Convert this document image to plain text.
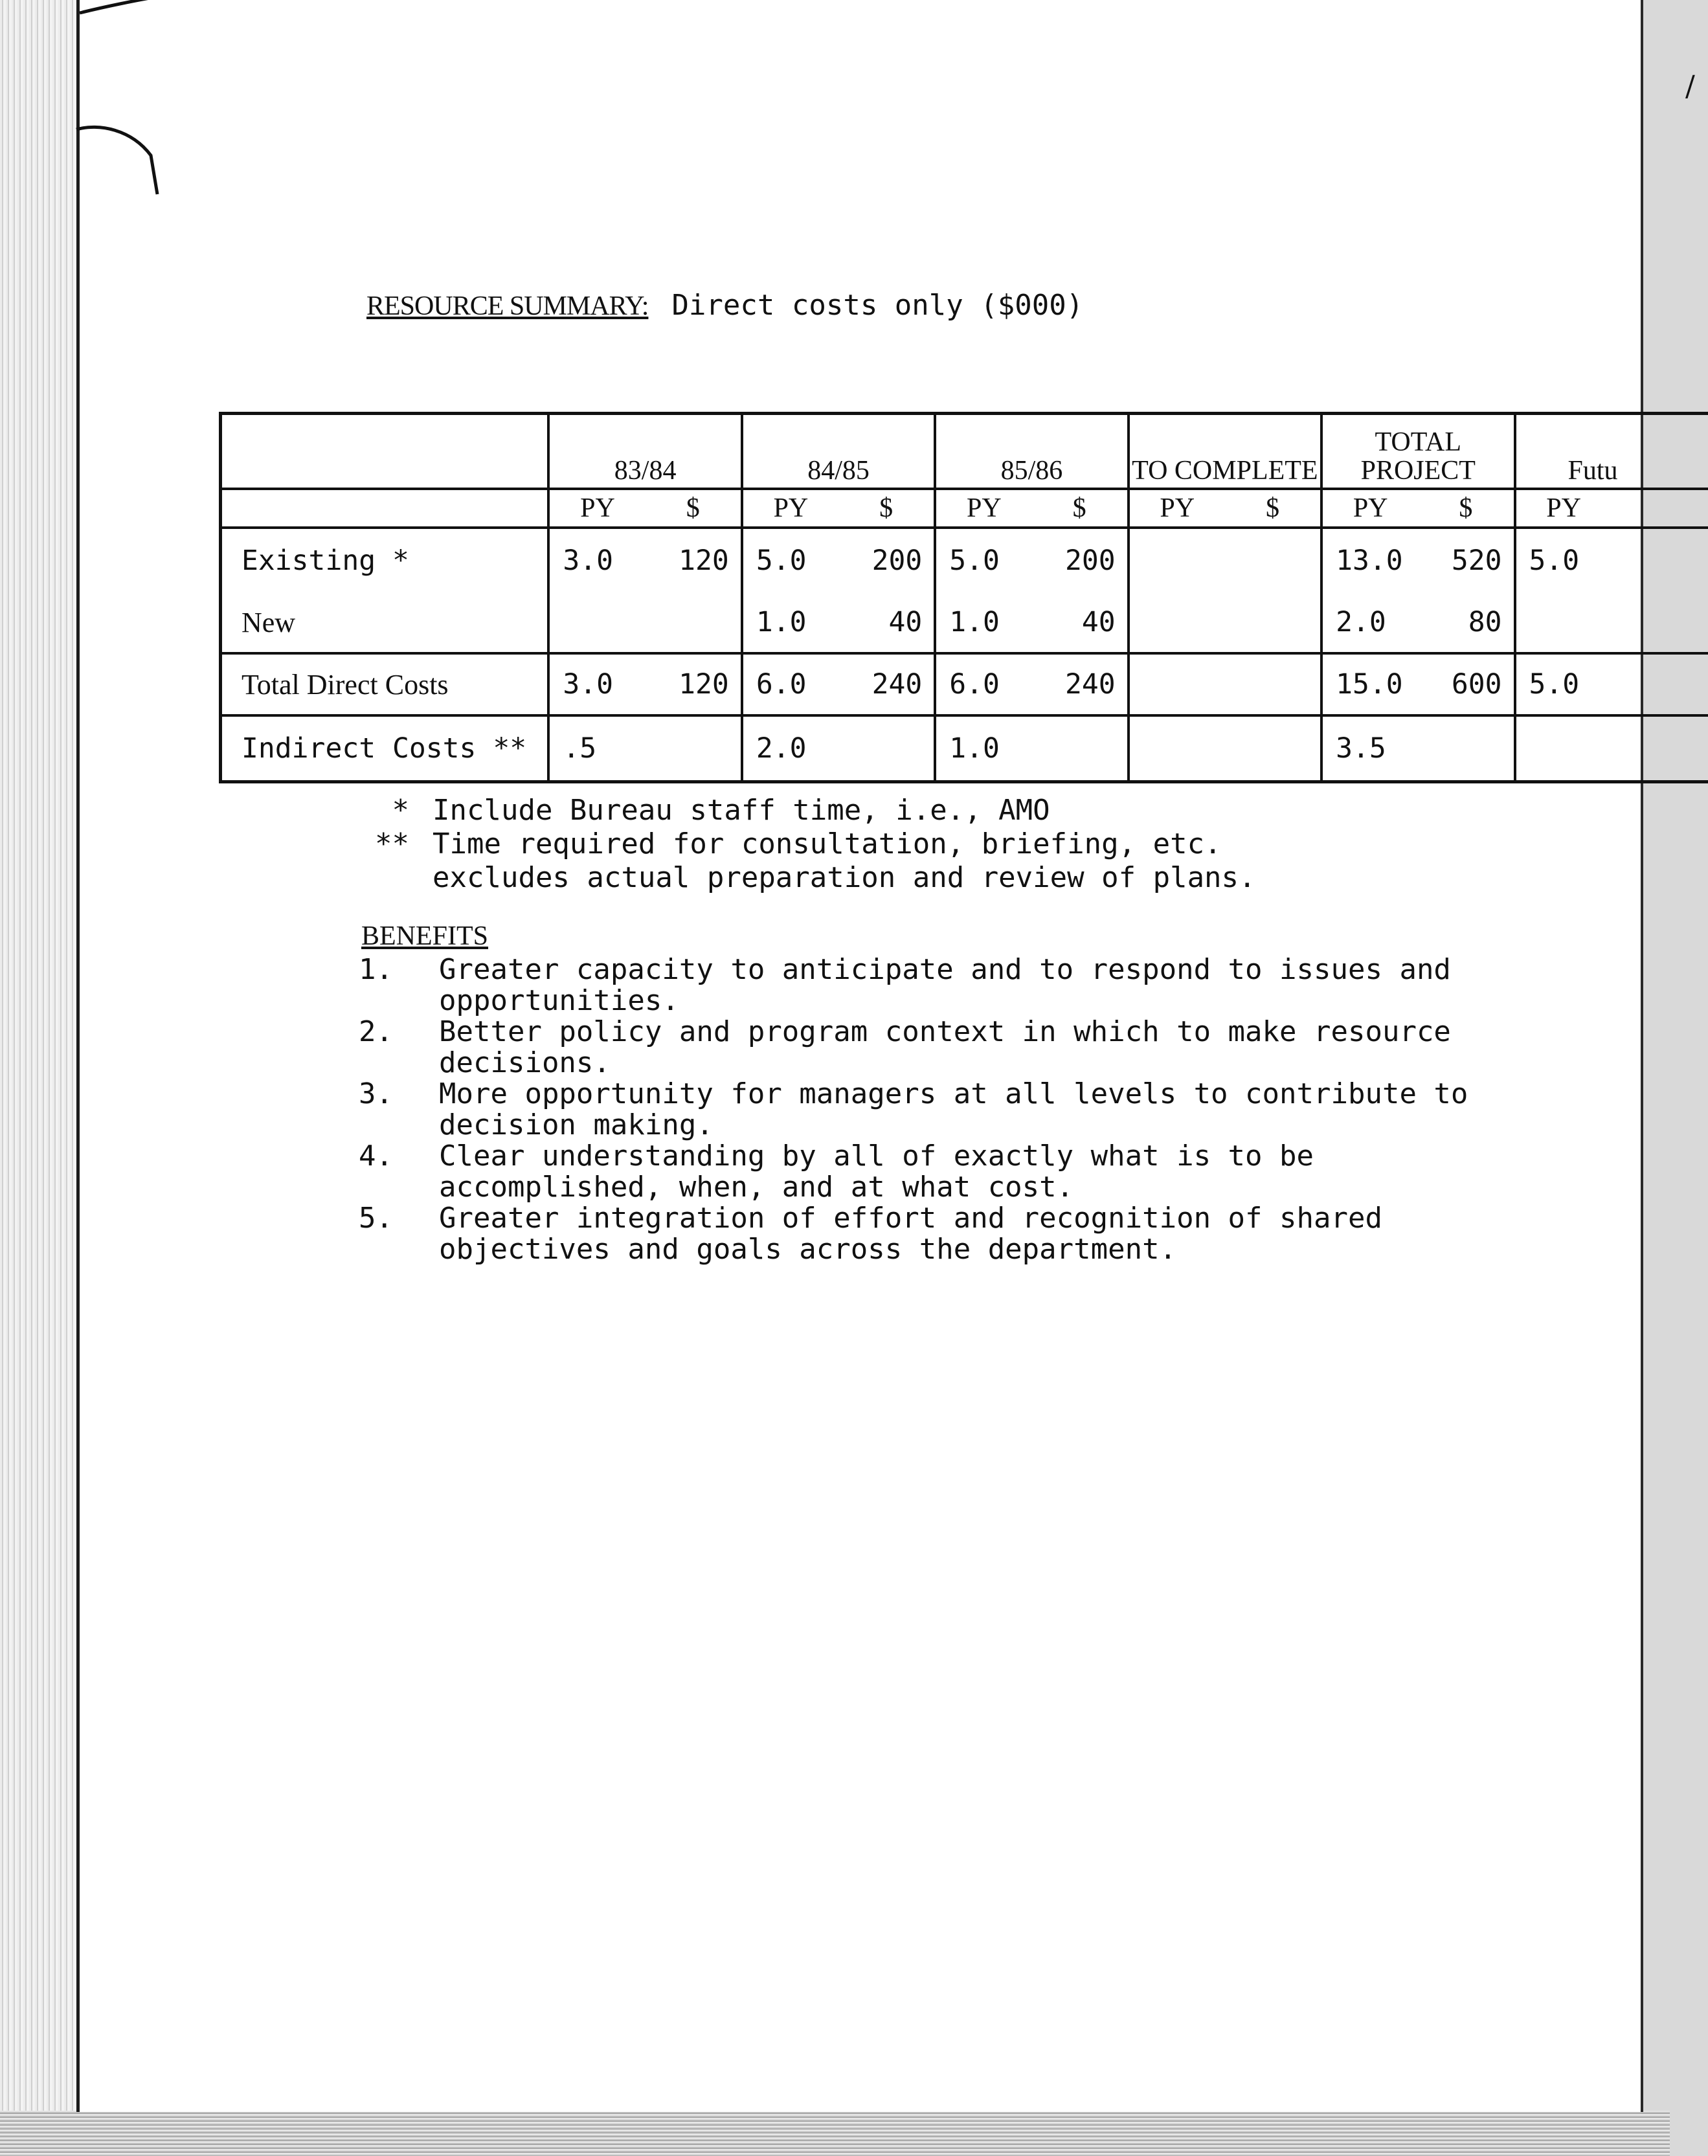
/
RESOURCE SUMMARY: Direct costs only ($000)
	83/84		84/85		85/86		TO COMPLETE		TOTAL PROJECT		Futu	
	PY	$	PY	$	PY	$	PY	$	PY	$	PY	
Existing *	3.0	120	5.0	200	5.0	200			13.0	520	5.0	
New			1.0	40	1.0	40			2.0	80		
Total Direct Costs	3.0	120	6.0	240	6.0	240			15.0	600	5.0	
Indirect Costs **	.5		2.0		1.0				3.5			
* Include Bureau staff time, i.e., AMO
** Time required for consultation, briefing, etc.
excludes actual preparation and review of plans.
BENEFITS
1. Greater capacity to anticipate and to respond to issues and opportunities.
2. Better policy and program context in which to make resource decisions.
3. More opportunity for managers at all levels to contribute to decision making.
4. Clear understanding by all of exactly what is to be accomplished, when, and at what cost.
5. Greater integration of effort and recognition of shared objectives and goals across the department.
